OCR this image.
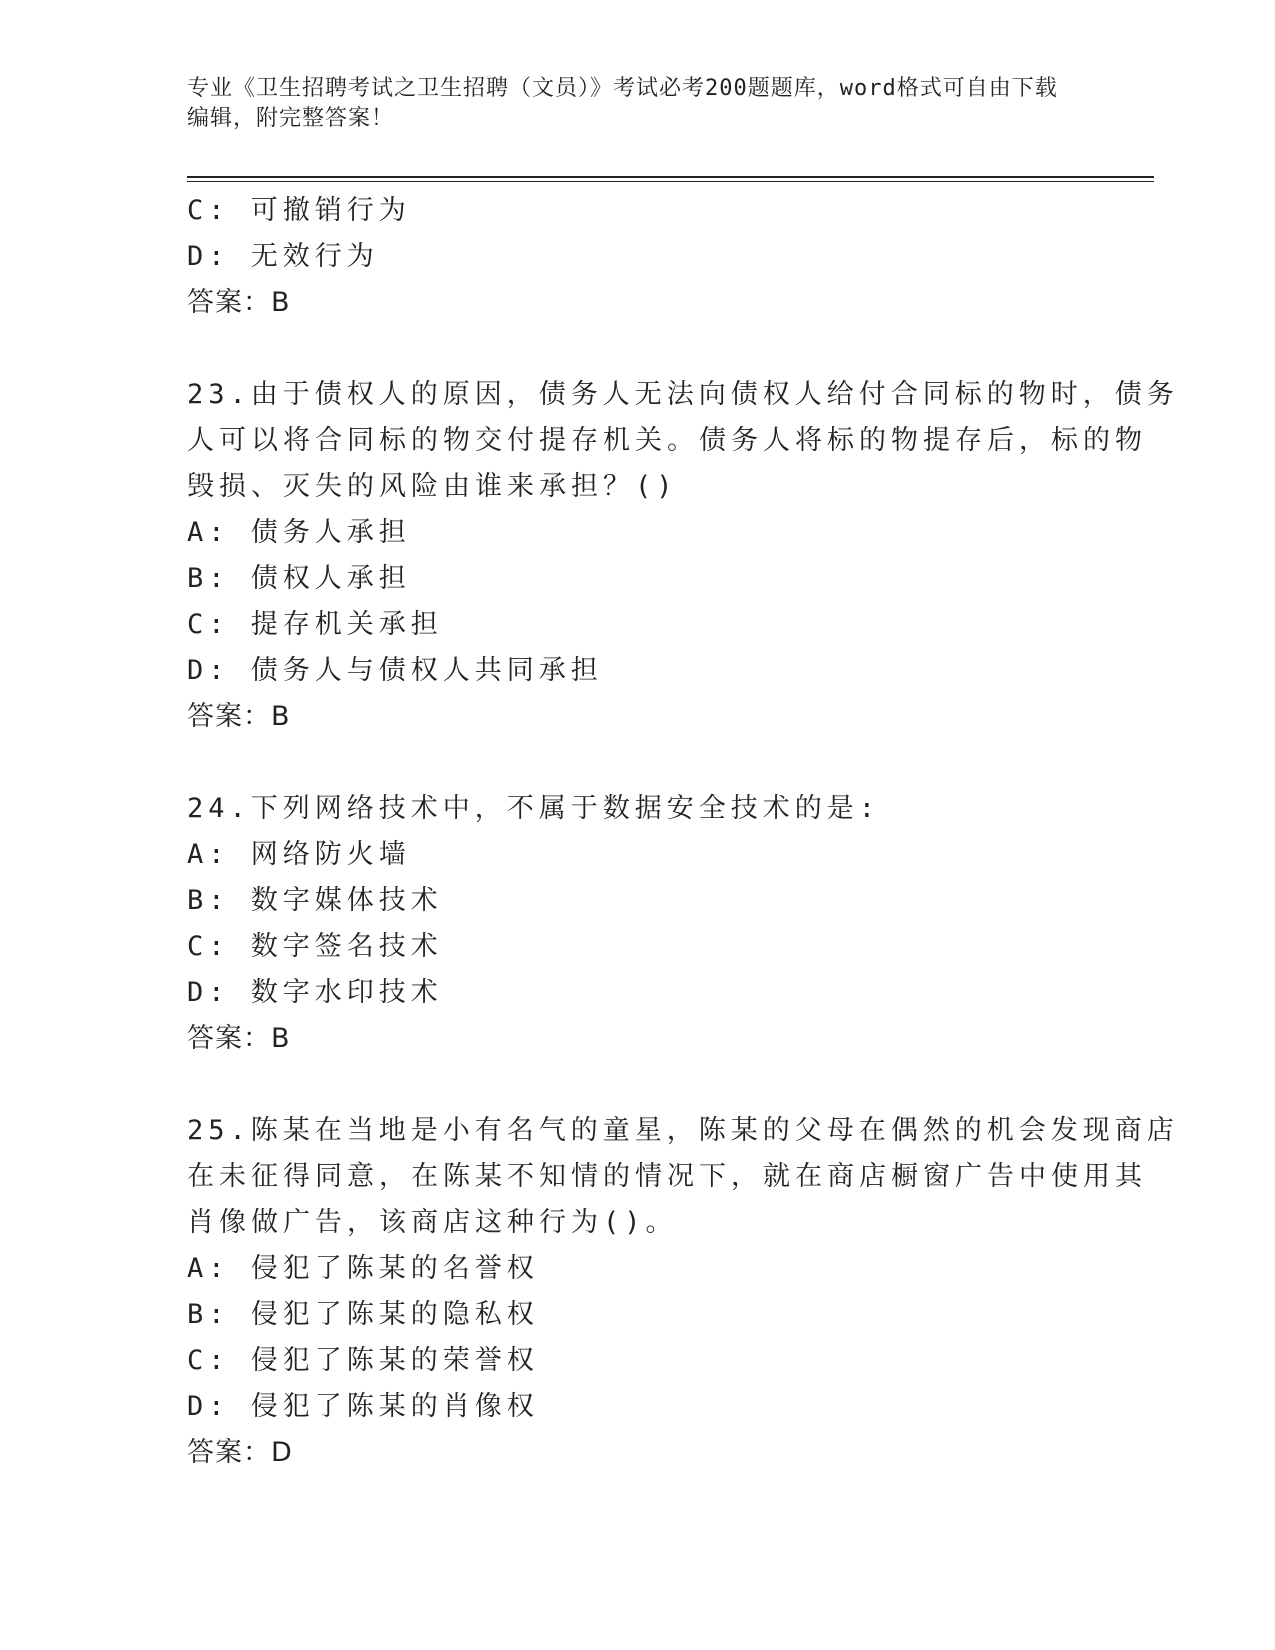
专业《卫生招聘考试之卫生招聘（文员）》考试必考200题题库，word格式可自由下载编辑，附完整答案！
C: 可撤销行为
D: 无效行为
答案：B
23.由于债权人的原因，债务人无法向债权人给付合同标的物时，债务
人可以将合同标的物交付提存机关。债务人将标的物提存后，标的物
毁损、灭失的风险由谁来承担？()
A: 债务人承担
B: 债权人承担
C: 提存机关承担
D: 债务人与债权人共同承担
答案：B
24.下列网络技术中，不属于数据安全技术的是:
A: 网络防火墙
B: 数字媒体技术
C: 数字签名技术
D: 数字水印技术
答案：B
25.陈某在当地是小有名气的童星，陈某的父母在偶然的机会发现商店
在未征得同意，在陈某不知情的情况下，就在商店橱窗广告中使用其
肖像做广告，该商店这种行为()。
A: 侵犯了陈某的名誉权
B: 侵犯了陈某的隐私权
C: 侵犯了陈某的荣誉权
D: 侵犯了陈某的肖像权
答案：D
